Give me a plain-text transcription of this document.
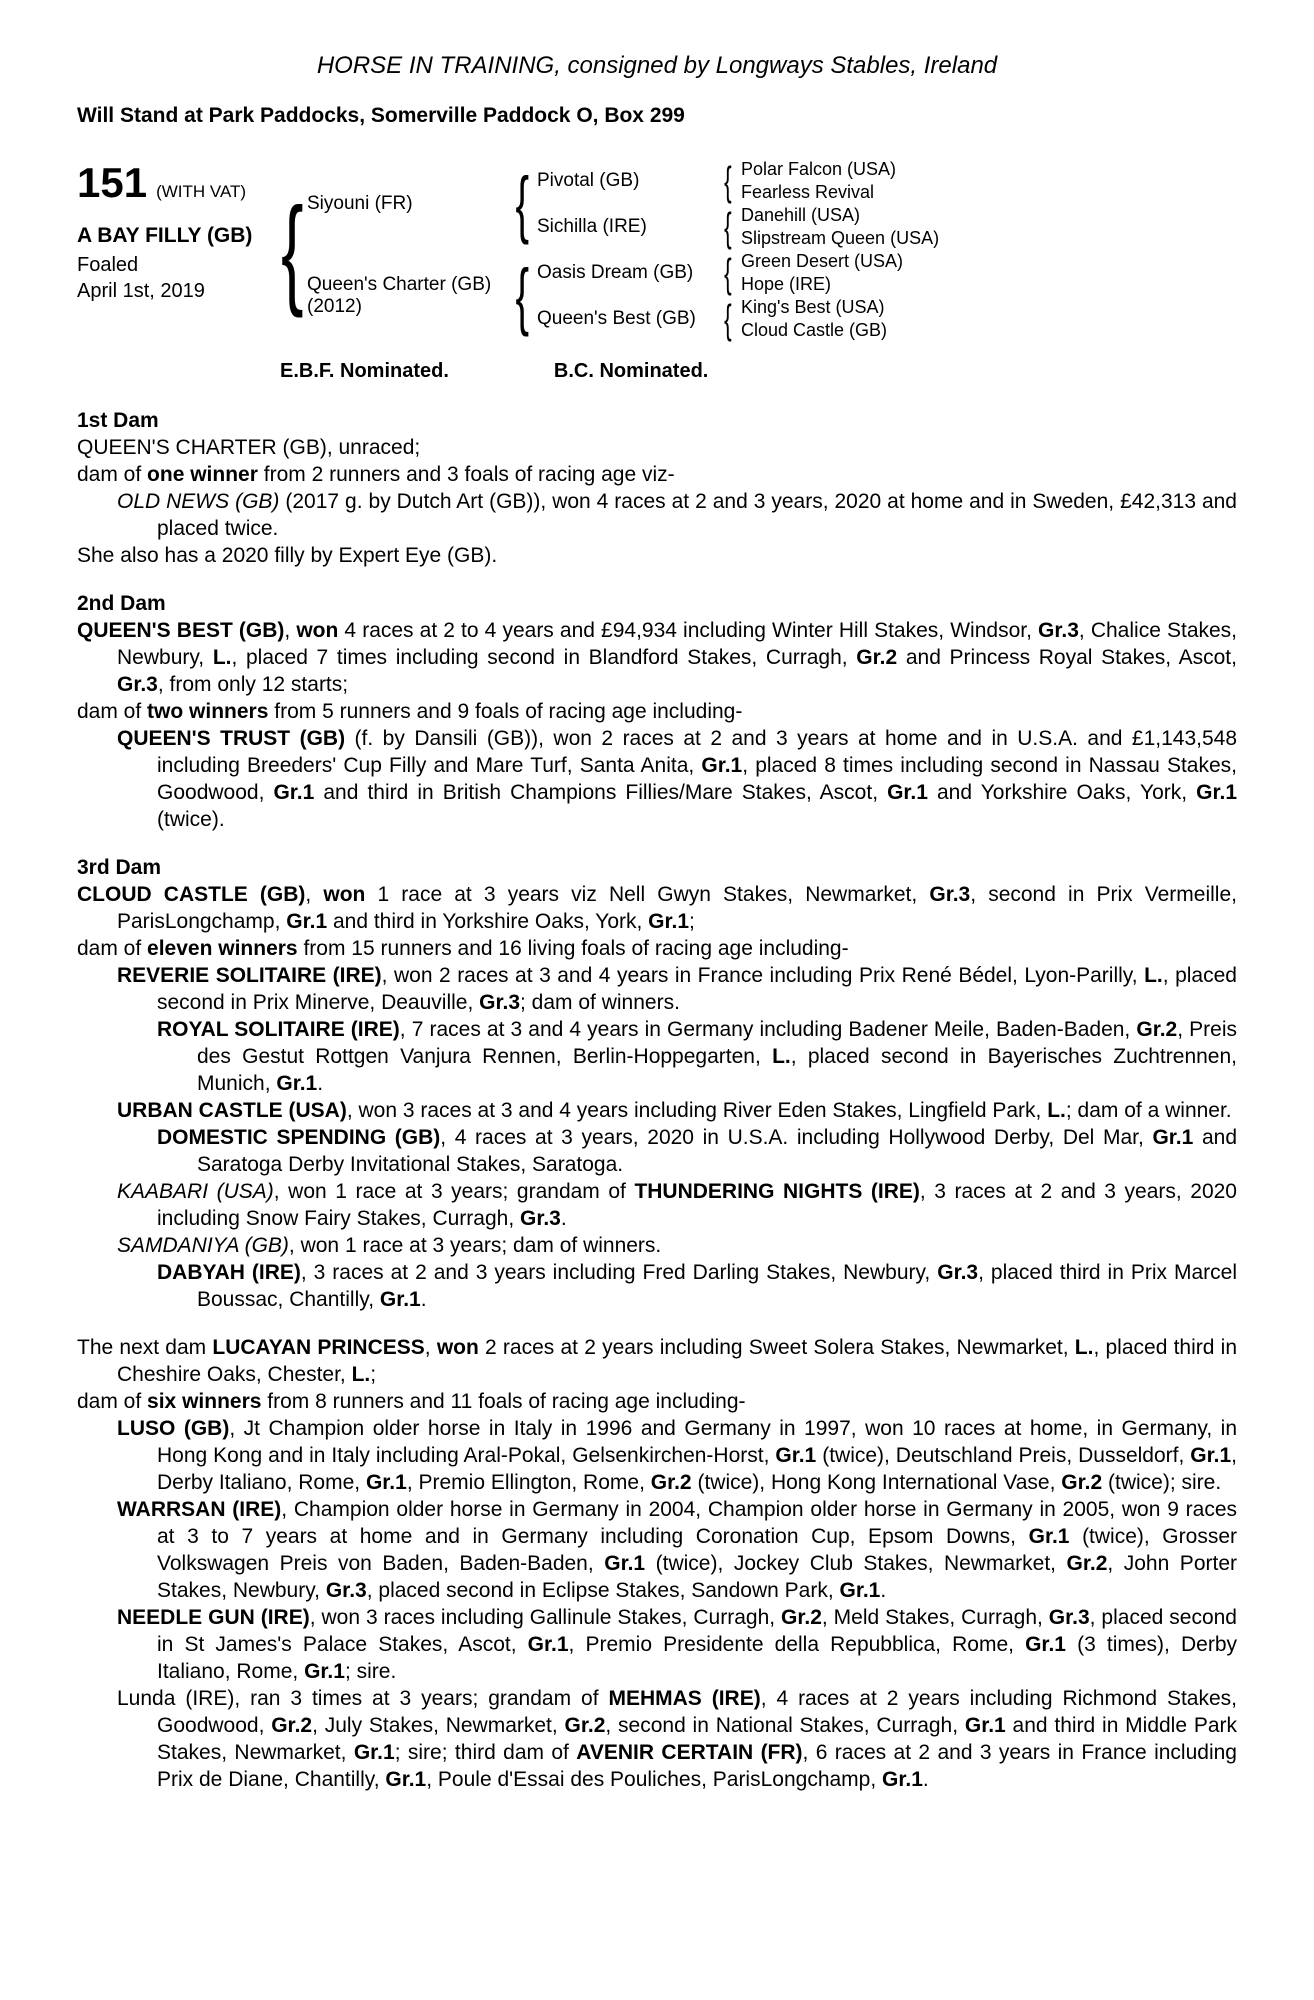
HORSE IN TRAINING, consigned by Longways Stables, Ireland
Will Stand at Park Paddocks, Somerville Paddock O, Box 299
151 (WITH VAT)
A BAY FILLY (GB)
Foaled
April 1st, 2019 { Siyouni (FR)
Queen's Charter (GB)
(2012)
{
{
Pivotal (GB)
Sichilla (IRE)
Oasis Dream (GB)
Queen's Best (GB)
{
{
{
{
Polar Falcon (USA)
Fearless Revival
Danehill (USA)
Slipstream Queen (USA)
Green Desert (USA)
Hope (IRE)
King's Best (USA)
Cloud Castle (GB)
E.B.F. Nominated.	B.C. Nominated.
1st Dam

QUEEN'S CHARTER (GB), unraced;

dam of one winner from 2 runners and 3 foals of racing age viz-

OLD NEWS (GB) (2017 g. by Dutch Art (GB)), won 4 races at 2 and 3 years, 2020 at home and in Sweden, £42,313 and placed twice.

She also has a 2020 filly by Expert Eye (GB).

2nd Dam

QUEEN'S BEST (GB), won 4 races at 2 to 4 years and £94,934 including Winter Hill Stakes, Windsor, Gr.3, Chalice Stakes, Newbury, L., placed 7 times including second in Blandford Stakes, Curragh, Gr.2 and Princess Royal Stakes, Ascot, Gr.3, from only 12 starts;

dam of two winners from 5 runners and 9 foals of racing age including-

QUEEN'S TRUST (GB) (f. by Dansili (GB)), won 2 races at 2 and 3 years at home and in U.S.A. and £1,143,548 including Breeders' Cup Filly and Mare Turf, Santa Anita, Gr.1, placed 8 times including second in Nassau Stakes, Goodwood, Gr.1 and third in British Champions Fillies/Mare Stakes, Ascot, Gr.1 and Yorkshire Oaks, York, Gr.1 (twice).

3rd Dam

CLOUD CASTLE (GB), won 1 race at 3 years viz Nell Gwyn Stakes, Newmarket, Gr.3, second in Prix Vermeille, ParisLongchamp, Gr.1 and third in Yorkshire Oaks, York, Gr.1;

dam of eleven winners from 15 runners and 16 living foals of racing age including-

REVERIE SOLITAIRE (IRE), won 2 races at 3 and 4 years in France including Prix René Bédel, Lyon-Parilly, L., placed second in Prix Minerve, Deauville, Gr.3; dam of winners.

ROYAL SOLITAIRE (IRE), 7 races at 3 and 4 years in Germany including Badener Meile, Baden-Baden, Gr.2, Preis des Gestut Rottgen Vanjura Rennen, Berlin-Hoppegarten, L., placed second in Bayerisches Zuchtrennen, Munich, Gr.1.

URBAN CASTLE (USA), won 3 races at 3 and 4 years including River Eden Stakes, Lingfield Park, L.; dam of a winner.

DOMESTIC SPENDING (GB), 4 races at 3 years, 2020 in U.S.A. including Hollywood Derby, Del Mar, Gr.1 and Saratoga Derby Invitational Stakes, Saratoga.

KAABARI (USA), won 1 race at 3 years; grandam of THUNDERING NIGHTS (IRE), 3 races at 2 and 3 years, 2020 including Snow Fairy Stakes, Curragh, Gr.3.

SAMDANIYA (GB), won 1 race at 3 years; dam of winners.

DABYAH (IRE), 3 races at 2 and 3 years including Fred Darling Stakes, Newbury, Gr.3, placed third in Prix Marcel Boussac, Chantilly, Gr.1.

The next dam LUCAYAN PRINCESS, won 2 races at 2 years including Sweet Solera Stakes, Newmarket, L., placed third in Cheshire Oaks, Chester, L.;

dam of six winners from 8 runners and 11 foals of racing age including-

LUSO (GB), Jt Champion older horse in Italy in 1996 and Germany in 1997, won 10 races at home, in Germany, in Hong Kong and in Italy including Aral-Pokal, Gelsenkirchen-Horst, Gr.1 (twice), Deutschland Preis, Dusseldorf, Gr.1, Derby Italiano, Rome, Gr.1, Premio Ellington, Rome, Gr.2 (twice), Hong Kong International Vase, Gr.2 (twice); sire.

WARRSAN (IRE), Champion older horse in Germany in 2004, Champion older horse in Germany in 2005, won 9 races at 3 to 7 years at home and in Germany including Coronation Cup, Epsom Downs, Gr.1 (twice), Grosser Volkswagen Preis von Baden, Baden-Baden, Gr.1 (twice), Jockey Club Stakes, Newmarket, Gr.2, John Porter Stakes, Newbury, Gr.3, placed second in Eclipse Stakes, Sandown Park, Gr.1.

NEEDLE GUN (IRE), won 3 races including Gallinule Stakes, Curragh, Gr.2, Meld Stakes, Curragh, Gr.3, placed second in St James's Palace Stakes, Ascot, Gr.1, Premio Presidente della Repubblica, Rome, Gr.1 (3 times), Derby Italiano, Rome, Gr.1; sire.

Lunda (IRE), ran 3 times at 3 years; grandam of MEHMAS (IRE), 4 races at 2 years including Richmond Stakes, Goodwood, Gr.2, July Stakes, Newmarket, Gr.2, second in National Stakes, Curragh, Gr.1 and third in Middle Park Stakes, Newmarket, Gr.1; sire; third dam of AVENIR CERTAIN (FR), 6 races at 2 and 3 years in France including Prix de Diane, Chantilly, Gr.1, Poule d'Essai des Pouliches, ParisLongchamp, Gr.1.
